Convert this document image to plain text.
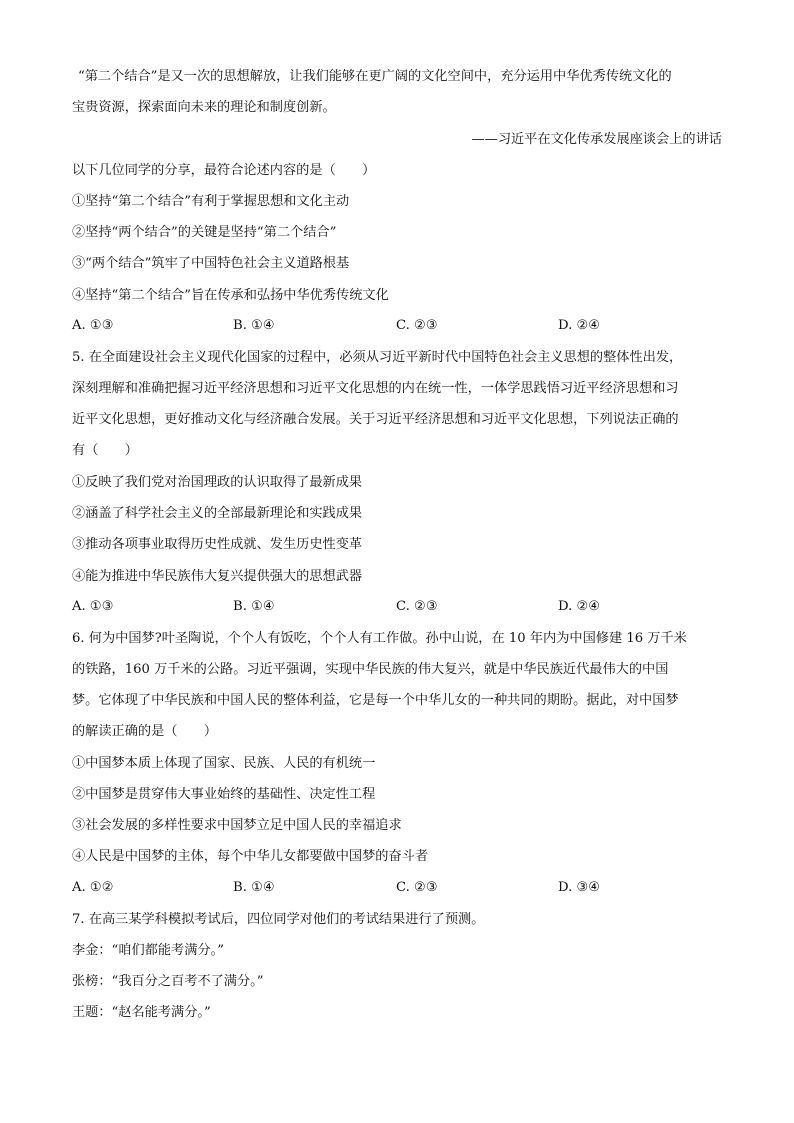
“第二个结合”是又一次的思想解放，让我们能够在更广阔的文化空间中，充分运用中华优秀传统文化的
宝贵资源，探索面向未来的理论和制度创新。
——习近平在文化传承发展座谈会上的讲话
以下几位同学的分享，最符合论述内容的是（　　）
①坚持“第二个结合”有利于掌握思想和文化主动
②坚持“两个结合”的关键是坚持“第二个结合”
③“两个结合”筑牢了中国特色社会主义道路根基
④坚持“第二个结合”旨在传承和弘扬中华优秀传统文化
A. ①③	B. ①④	C. ②③	D. ②④
5. 在全面建设社会主义现代化国家的过程中，必须从习近平新时代中国特色社会主义思想的整体性出发，
深刻理解和准确把握习近平经济思想和习近平文化思想的内在统一性，一体学思践悟习近平经济思想和习
近平文化思想，更好推动文化与经济融合发展。关于习近平经济思想和习近平文化思想，下列说法正确的
有（　　）
①反映了我们党对治国理政的认识取得了最新成果
②涵盖了科学社会主义的全部最新理论和实践成果
③推动各项事业取得历史性成就、发生历史性变革
④能为推进中华民族伟大复兴提供强大的思想武器
A. ①③	B. ①④	C. ②③	D. ②④
6. 何为中国梦?叶圣陶说，个个人有饭吃，个个人有工作做。孙中山说，在 10 年内为中国修建 16 万千米
的铁路，160 万千米的公路。习近平强调，实现中华民族的伟大复兴，就是中华民族近代最伟大的中国
梦。它体现了中华民族和中国人民的整体利益，它是每一个中华儿女的一种共同的期盼。据此，对中国梦
的解读正确的是（　　）
①中国梦本质上体现了国家、民族、人民的有机统一
②中国梦是贯穿伟大事业始终的基础性、决定性工程
③社会发展的多样性要求中国梦立足中国人民的幸福追求
④人民是中国梦的主体，每个中华儿女都要做中国梦的奋斗者
A. ①②	B. ①④	C. ②③	D. ③④
7. 在高三某学科模拟考试后，四位同学对他们的考试结果进行了预测。
李金：“咱们都能考满分。”
张榜：“我百分之百考不了满分。”
王题：“赵名能考满分。”
